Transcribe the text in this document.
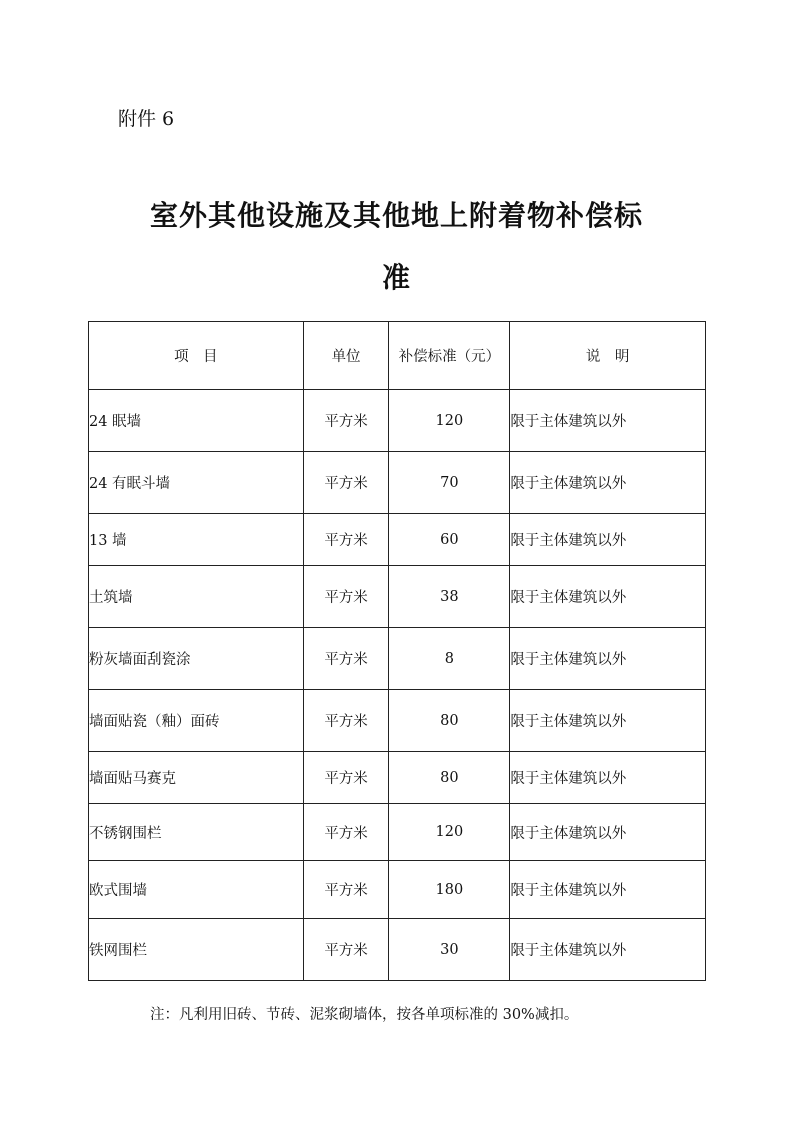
附件 6
室外其他设施及其他地上附着物补偿标
准
项　目	单位	补偿标准（元）	说　明
24 眠墙	平方米	120	限于主体建筑以外
24 有眠斗墙	平方米	70	限于主体建筑以外
13 墙	平方米	60	限于主体建筑以外
土筑墙	平方米	38	限于主体建筑以外
粉灰墙面刮瓷涂	平方米	8	限于主体建筑以外
墙面贴瓷（釉）面砖	平方米	80	限于主体建筑以外
墙面贴马赛克	平方米	80	限于主体建筑以外
不锈钢围栏	平方米	120	限于主体建筑以外
欧式围墙	平方米	180	限于主体建筑以外
铁网围栏	平方米	30	限于主体建筑以外
注：凡利用旧砖、节砖、泥浆砌墙体，按各单项标准的 30%减扣。
